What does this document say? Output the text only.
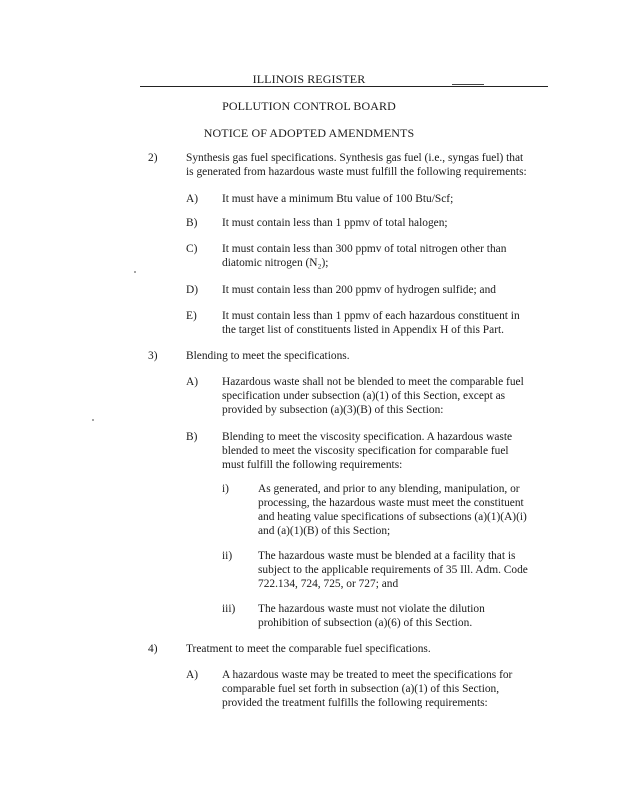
ILLINOIS REGISTER
POLLUTION CONTROL BOARD
NOTICE OF ADOPTED AMENDMENTS
2)	Synthesis gas fuel specifications. Synthesis gas fuel (i.e., syngas fuel) that
is generated from hazardous waste must fulfill the following requirements:
A) It must have a minimum Btu value of 100 Btu/Scf;
B) It must contain less than 1 ppmv of total halogen;
C) It must contain less than 300 ppmv of total nitrogen other than
diatomic nitrogen (N₂);
D) It must contain less than 200 ppmv of hydrogen sulfide; and
E) It must contain less than 1 ppmv of each hazardous constituent in
the target list of constituents listed in Appendix H of this Part.
3)	Blending to meet the specifications.
A) Hazardous waste shall not be blended to meet the comparable fuel
specification under subsection (a)(1) of this Section, except as
provided by subsection (a)(3)(B) of this Section:
B) Blending to meet the viscosity specification. A hazardous waste
blended to meet the viscosity specification for comparable fuel
must fulfill the following requirements:
i)	As generated, and prior to any blending, manipulation, or
processing, the hazardous waste must meet the constituent
and heating value specifications of subsections (a)(1)(A)(i)
and (a)(1)(B) of this Section;
ii) The hazardous waste must be blended at a facility that is
subject to the applicable requirements of 35 Ill. Adm. Code
722.134, 724, 725, or 727; and
iii) The hazardous waste must not violate the dilution
prohibition of subsection (a)(6) of this Section.
4)	Treatment to meet the comparable fuel specifications.
A) A hazardous waste may be treated to meet the specifications for
comparable fuel set forth in subsection (a)(1) of this Section,
provided the treatment fulfills the following requirements:
